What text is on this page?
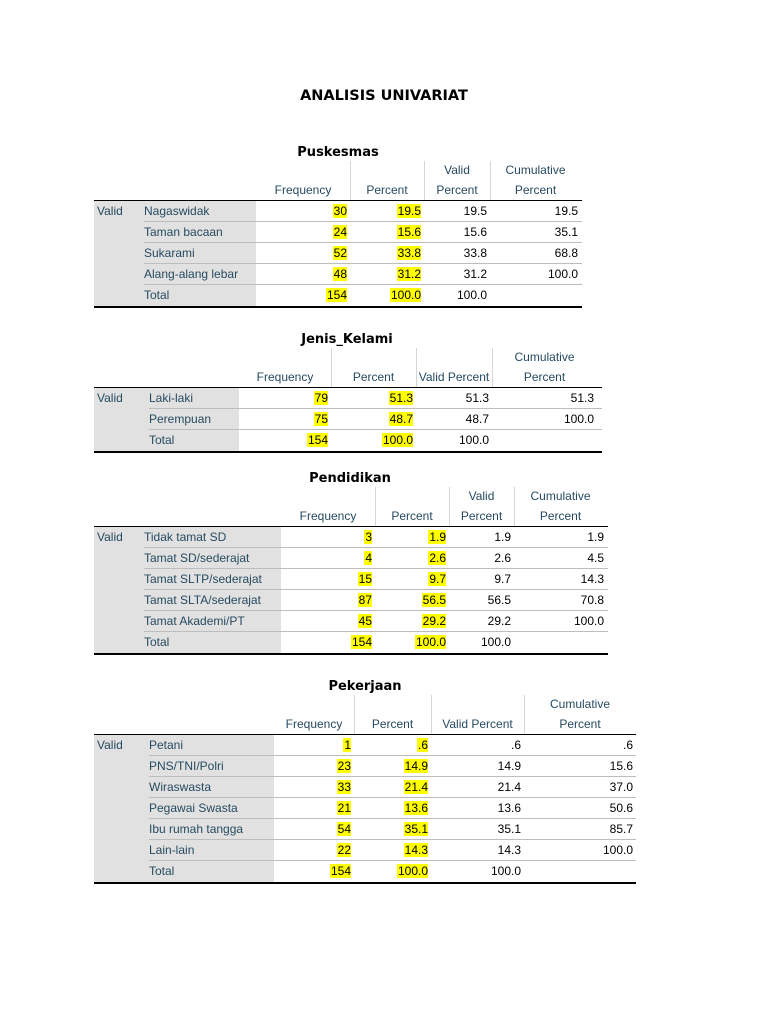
ANALISIS UNIVARIAT
Puskesmas
Frequency	Percent
Valid Percent
Cumulative
Percent
Valid Nagaswidak	30	19.5	19.5	19.5
Taman bacaan	24	15.6	15.6	35.1
Sukarami	52	33.8	33.8	68.8
Alang-alang lebar	48	31.2	31.2	100.0
Total	154	100.0	100.0
Jenis_Kelami
Frequency	Percent Valid Percent
Cumulative
Percent
Valid Laki-laki	79	51.3	51.3	51.3
Perempuan	75	48.7	48.7	100.0
Total	154	100.0	100.0
Pendidikan
Frequency	Percent
Valid Percent
Cumulative
Percent
Valid Tidak tamat SD	3	1.9	1.9	1.9
Tamat SD/sederajat	4	2.6	2.6	4.5
Tamat SLTP/sederajat	15	9.7	9.7	14.3
Tamat SLTA/sederajat	87	56.5	56.5	70.8
Tamat Akademi/PT	45	29.2	29.2	100.0
Total	154	100.0	100.0
Pekerjaan
Frequency Percent Valid Percent
Cumulative
Percent
Valid Petani	1	.6	.6	.6
PNS/TNI/Polri	23	14.9	14.9	15.6
Wiraswasta	33	21.4	21.4	37.0
Pegawai Swasta	21	13.6	13.6	50.6
Ibu rumah tangga	54	35.1	35.1	85.7
Lain-lain	22	14.3	14.3	100.0
Total	154	100.0	100.0
